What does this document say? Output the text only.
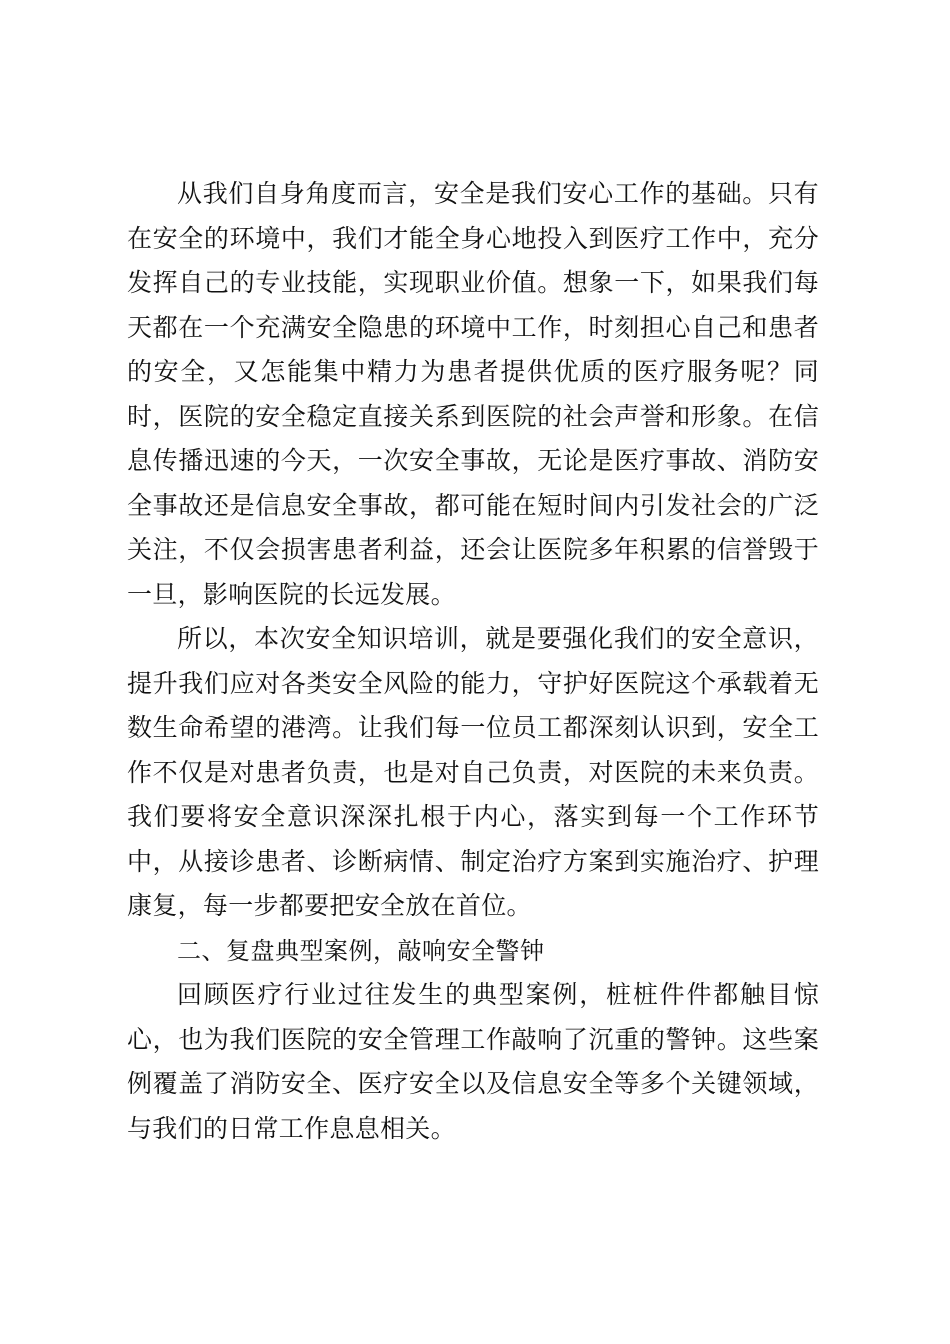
从我们自身角度而言，安全是我们安心工作的基础。只有在安全的环境中，我们才能全身心地投入到医疗工作中，充分发挥自己的专业技能，实现职业价值。想象一下，如果我们每天都在一个充满安全隐患的环境中工作，时刻担心自己和患者的安全，又怎能集中精力为患者提供优质的医疗服务呢？同时，医院的安全稳定直接关系到医院的社会声誉和形象。在信息传播迅速的今天，一次安全事故，无论是医疗事故、消防安全事故还是信息安全事故，都可能在短时间内引发社会的广泛关注，不仅会损害患者利益，还会让医院多年积累的信誉毁于一旦，影响医院的长远发展。

所以，本次安全知识培训，就是要强化我们的安全意识，提升我们应对各类安全风险的能力，守护好医院这个承载着无数生命希望的港湾。让我们每一位员工都深刻认识到，安全工作不仅是对患者负责，也是对自己负责，对医院的未来负责。我们要将安全意识深深扎根于内心，落实到每一个工作环节中，从接诊患者、诊断病情、制定治疗方案到实施治疗、护理康复，每一步都要把安全放在首位。

二、复盘典型案例，敲响安全警钟

回顾医疗行业过往发生的典型案例，桩桩件件都触目惊心，也为我们医院的安全管理工作敲响了沉重的警钟。这些案例覆盖了消防安全、医疗安全以及信息安全等多个关键领域，与我们的日常工作息息相关。
